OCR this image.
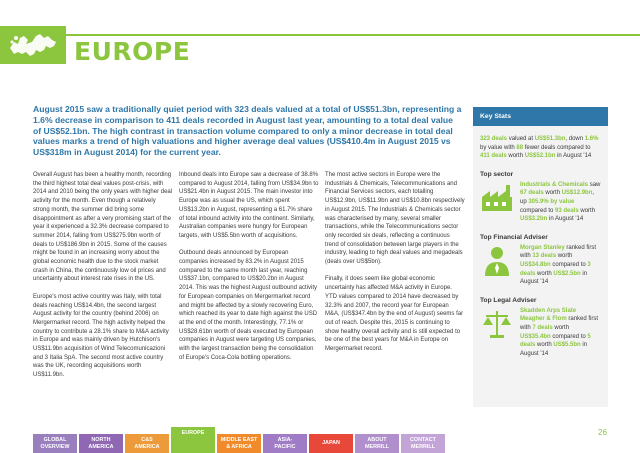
EUROPE
August 2015 saw a traditionally quiet period with 323 deals valued at a total of US$51.3bn, representing a 1.6% decrease in comparison to 411 deals recorded in August last year, amounting to a total deal value of US$52.1bn. The high contrast in transaction volume compared to only a minor decrease in total deal values marks a trend of high valuations and higher average deal values (US$410.4m in August 2015 vs US$318m in August 2014) for the current year.

Overall August has been a healthy month, recording the third highest total deal values post-crisis, with 2014 and 2010 being the only years with higher deal activity for the month. Even though a relatively strong month, the summer did bring some disappointment as after a very promising start of the year it experienced a 32.3% decrease compared to summer 2014, falling from US$275.9bn worth of deals to US$186.9bn in 2015. Some of the causes might be found in an increasing worry about the global economic health due to the stock market crash in China, the continuously low oil prices and uncertainty about interest rate rises in the US.

Europe's most active country was Italy, with total deals reaching US$14.4bn, the second largest August activity for the country (behind 2006) on Mergermarket record. The high activity helped the country to contribute a 28.1% share to M&A activity in Europe and was mainly driven by Hutchison's US$11.9bn acquisition of Wind Telecomunicazioni and 3 Italia SpA. The second most active country was the UK, recording acquisitions worth US$11.9bn.

Inbound deals into Europe saw a decrease of 38.8% compared to August 2014, falling from US$34.9bn to US$21.4bn in August 2015. The main investor into Europe was as usual the US, which spent US$13.2bn in August, representing a 61.7% share of total inbound activity into the continent. Similarly, Australian companies were hungry for European targets, with US$5.5bn worth of acquisitions.

Outbound deals announced by European companies increased by 83.2% in August 2015 compared to the same month last year, reaching US$37.1bn, compared to US$20.2bn in August 2014. This was the highest August outbound activity for European companies on Mergermarket record and might be affected by a slowly recovering Euro, which reached its year to date high against the USD at the end of the month. Interestingly, 77.1% or US$28.61bn worth of deals executed by European companies in August were targeting US companies, with the largest transaction being the consolidation of Europe's Coca-Cola bottling operations.

The most active sectors in Europe were the Industrials & Chemicals, Telecommunications and Financial Services sectors, each totalling US$12.9bn, US$11.9bn and US$10.8bn respectively in August 2015. The Industrials & Chemicals sector was characterised by many, several smaller transactions, while the Telecommunications sector only recorded six deals, reflecting a continuous trend of consolidation between large players in the industry, leading to high deal values and megadeals (deals over US$5bn).

Finally, it does seem like global economic uncertainty has affected M&A activity in Europe. YTD values compared to 2014 have decreased by 32.3% and 2007, the record year for European M&A, (US$347.4bn by the end of August) seems far out of reach. Despite this, 2015 is continuing to show healthy overall activity and is still expected to be one of the best years for M&A in Europe on Mergermarket record.

Key Stats
323 deals valued at US$51.3bn, down 1.6% by value with 88 fewer deals compared to 411 deals worth US$52.1bn in August '14
Top sector
Industrials & Chemicals saw 67 deals worth US$12.9bn, up 305.9% by value compared to 93 deals worth US$3.2bn in August '14
Top Financial Adviser
Morgan Stanley ranked first with 13 deals worth US$34.8bn compared to 3 deals worth US$2.5bn in August '14
Top Legal Adviser
Skadden Arps Slate Meagher & Flom ranked first with 7 deals worth US$35.4bn compared to 5 deals worth US$5.5bn in August '14
GLOBAL
OVERVIEW
NORTH
AMERICA
C&S
AMERICA
EUROPE
MIDDLE EAST
& AFRICA
ASIA-
PACIFIC
JAPAN
ABOUT
MERRILL
CONTACT
MERRILL
26
